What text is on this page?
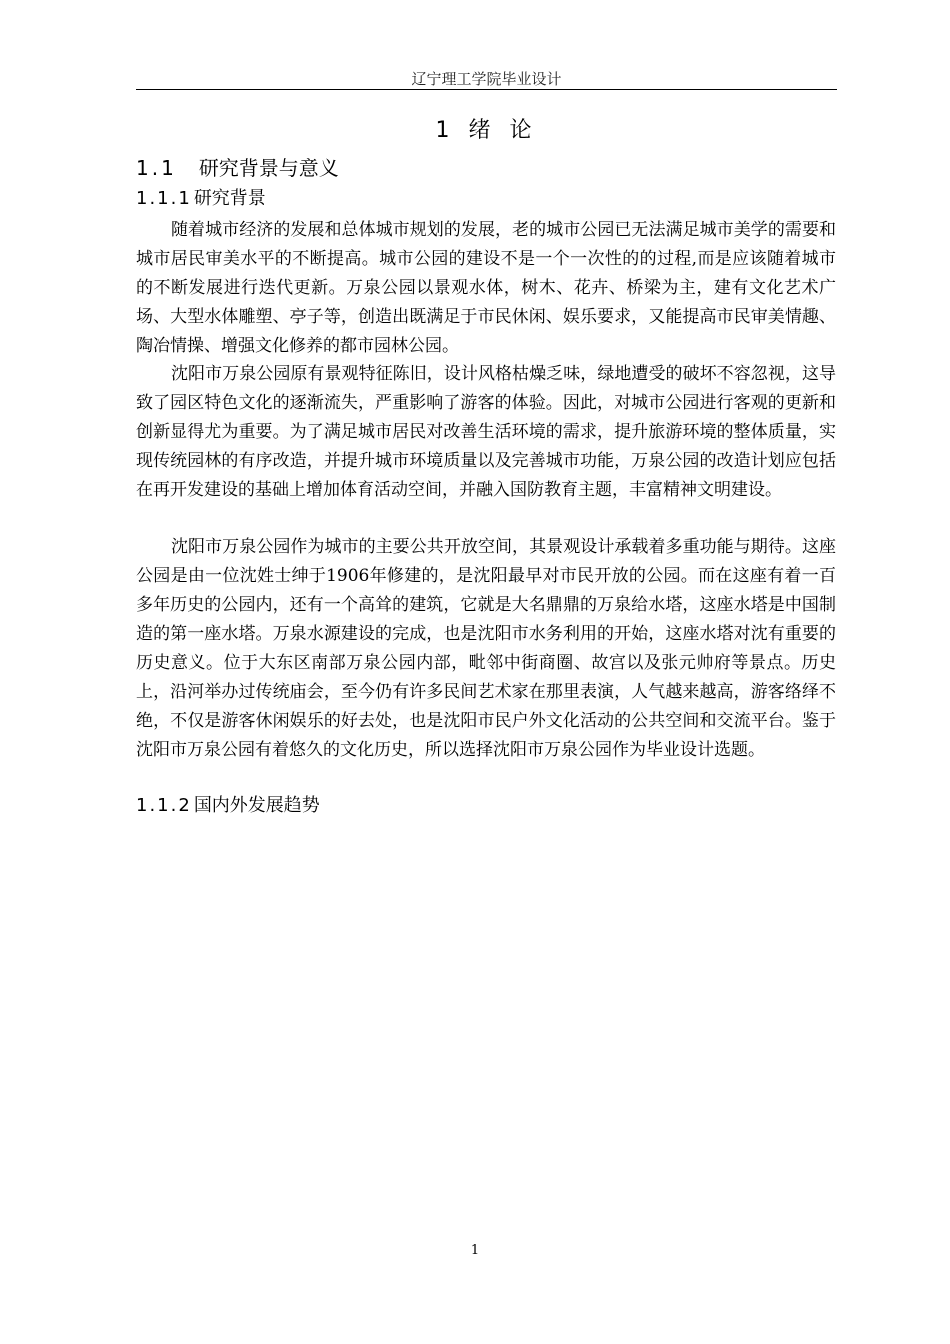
辽宁理工学院毕业设计
1 绪 论
1.1 研究背景与意义
1.1.1 研究背景

随着城市经济的发展和总体城市规划的发展，老的城市公园已无法满足城市美学的需要和城市居民审美水平的不断提高。城市公园的建设不是一个一次性的的过程,而是应该随着城市的不断发展进行迭代更新。万泉公园以景观水体，树木、花卉、桥梁为主，建有文化艺术广场、大型水体雕塑、亭子等，创造出既满足于市民休闲、娱乐要求，又能提高市民审美情趣、陶冶情操、增强文化修养的都市园林公园。

沈阳市万泉公园原有景观特征陈旧，设计风格枯燥乏味，绿地遭受的破坏不容忽视，这导致了园区特色文化的逐渐流失，严重影响了游客的体验。因此，对城市公园进行客观的更新和创新显得尤为重要。为了满足城市居民对改善生活环境的需求，提升旅游环境的整体质量，实现传统园林的有序改造，并提升城市环境质量以及完善城市功能，万泉公园的改造计划应包括在再开发建设的基础上增加体育活动空间，并融入国防教育主题，丰富精神文明建设。

沈阳市万泉公园作为城市的主要公共开放空间，其景观设计承载着多重功能与期待。这座公园是由一位沈姓士绅于1906年修建的，是沈阳最早对市民开放的公园。而在这座有着一百多年历史的公园内，还有一个高耸的建筑，它就是大名鼎鼎的万泉给水塔，这座水塔是中国制造的第一座水塔。万泉水源建设的完成，也是沈阳市水务利用的开始，这座水塔对沈有重要的历史意义。位于大东区南部万泉公园内部，毗邻中街商圈、故宫以及张元帅府等景点。历史上，沿河举办过传统庙会，至今仍有许多民间艺术家在那里表演，人气越来越高，游客络绎不绝，不仅是游客休闲娱乐的好去处，也是沈阳市民户外文化活动的公共空间和交流平台。鉴于沈阳市万泉公园有着悠久的文化历史，所以选择沈阳市万泉公园作为毕业设计选题。

1.1.2 国内外发展趋势
1
